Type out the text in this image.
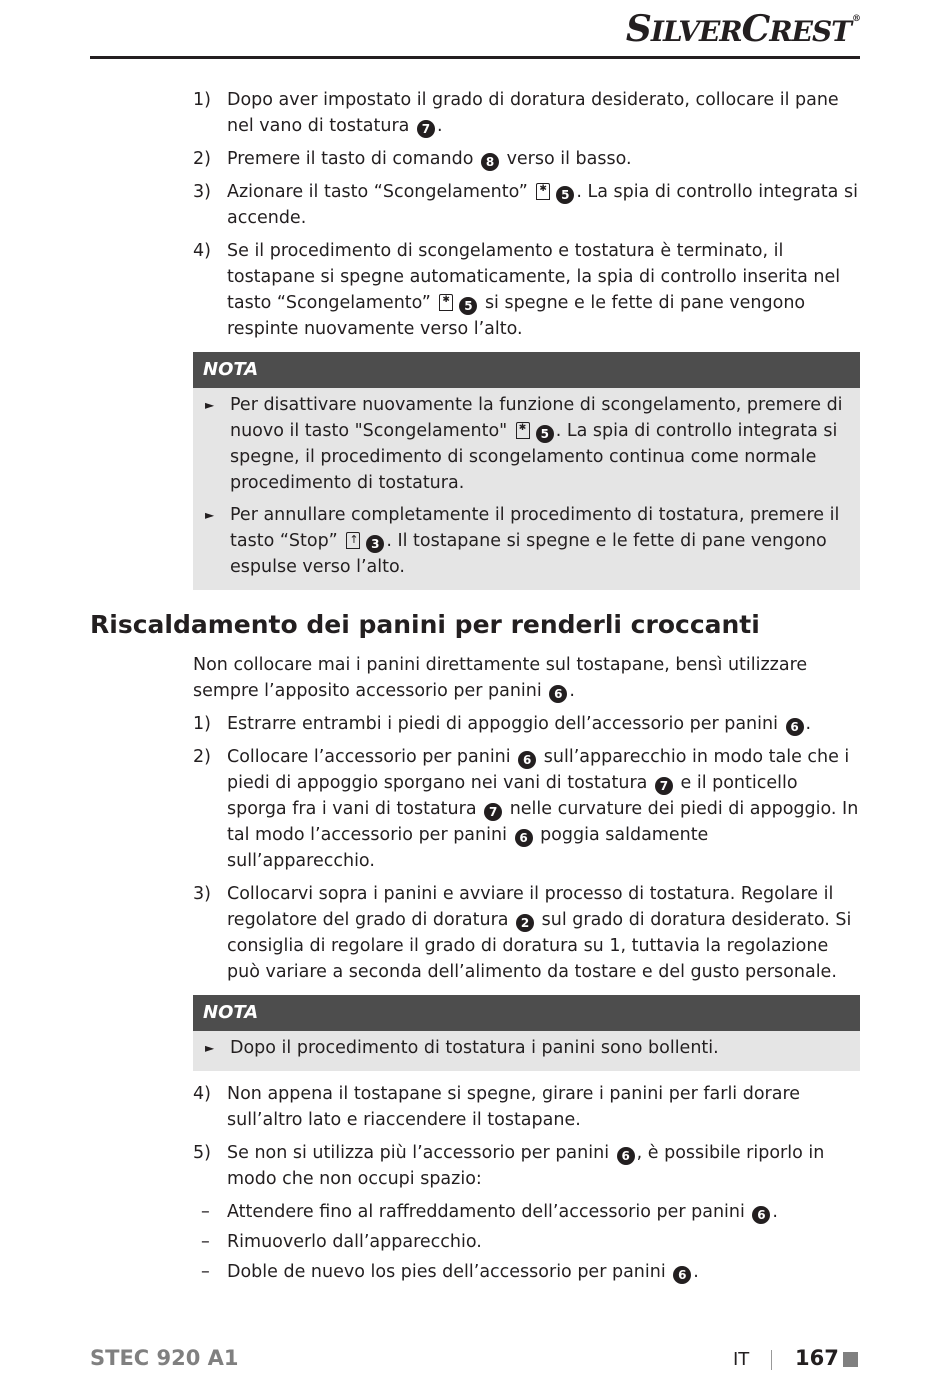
SILVERCREST®
1) Dopo aver impostato il grado di doratura desiderato, collocare il pane nel vano di tostatura 7 .
2) Premere il tasto di comando 8 verso il basso.
3) Azionare il tasto “Scongelamento” ✱5 . La spia di controllo integrata si accende.
4) Se il procedimento di scongelamento e tostatura è terminato, il tostapane si spegne automaticamente, la spia di controllo inserita nel tasto “Scongelamento” ✱5 si spegne e le fette di pane vengono respinte nuovamente verso l’alto.
NOTA
► Per disattivare nuovamente la funzione di scongelamento, premere di nuovo il tasto "Scongelamento" ✱5 . La spia di controllo integrata si spegne, il procedimento di scongelamento continua come normale procedimento di tostatura.
► Per annullare completamente il procedimento di tostatura, premere il tasto “Stop” ↑3 . Il tostapane si spegne e le fette di pane vengono espulse verso l’alto.
Riscaldamento dei panini per renderli croccanti
Non collocare mai i panini direttamente sul tostapane, bensì utilizzare sempre l’apposito accessorio per panini 6 .
1) Estrarre entrambi i piedi di appoggio dell’accessorio per panini 6 .
2) Collocare l’accessorio per panini 6 sull’apparecchio in modo tale che i piedi di appoggio sporgano nei vani di tostatura 7 e il ponticello sporga fra i vani di tostatura 7 nelle curvature dei piedi di appoggio. In tal modo l’accessorio per panini 6 poggia saldamente sull’apparecchio.
3) Collocarvi sopra i panini e avviare il processo di tostatura. Regolare il regolatore del grado di doratura 2 sul grado di doratura desiderato. Si consiglia di regolare il grado di doratura su 1, tuttavia la regolazione può variare a seconda dell’alimento da tostare e del gusto personale.
NOTA
► Dopo il procedimento di tostatura i panini sono bollenti.
4) Non appena il tostapane si spegne, girare i panini per farli dorare sull’altro lato e riaccendere il tostapane.
5) Se non si utilizza più l’accessorio per panini 6 , è possibile riporlo in modo che non occupi spazio:
– Attendere fino al raffreddamento dell’accessorio per panini 6 .
– Rimuoverlo dall’apparecchio.
– Doble de nuevo los pies dell’accessorio per panini 6 .
STEC 920 A1	IT 167
